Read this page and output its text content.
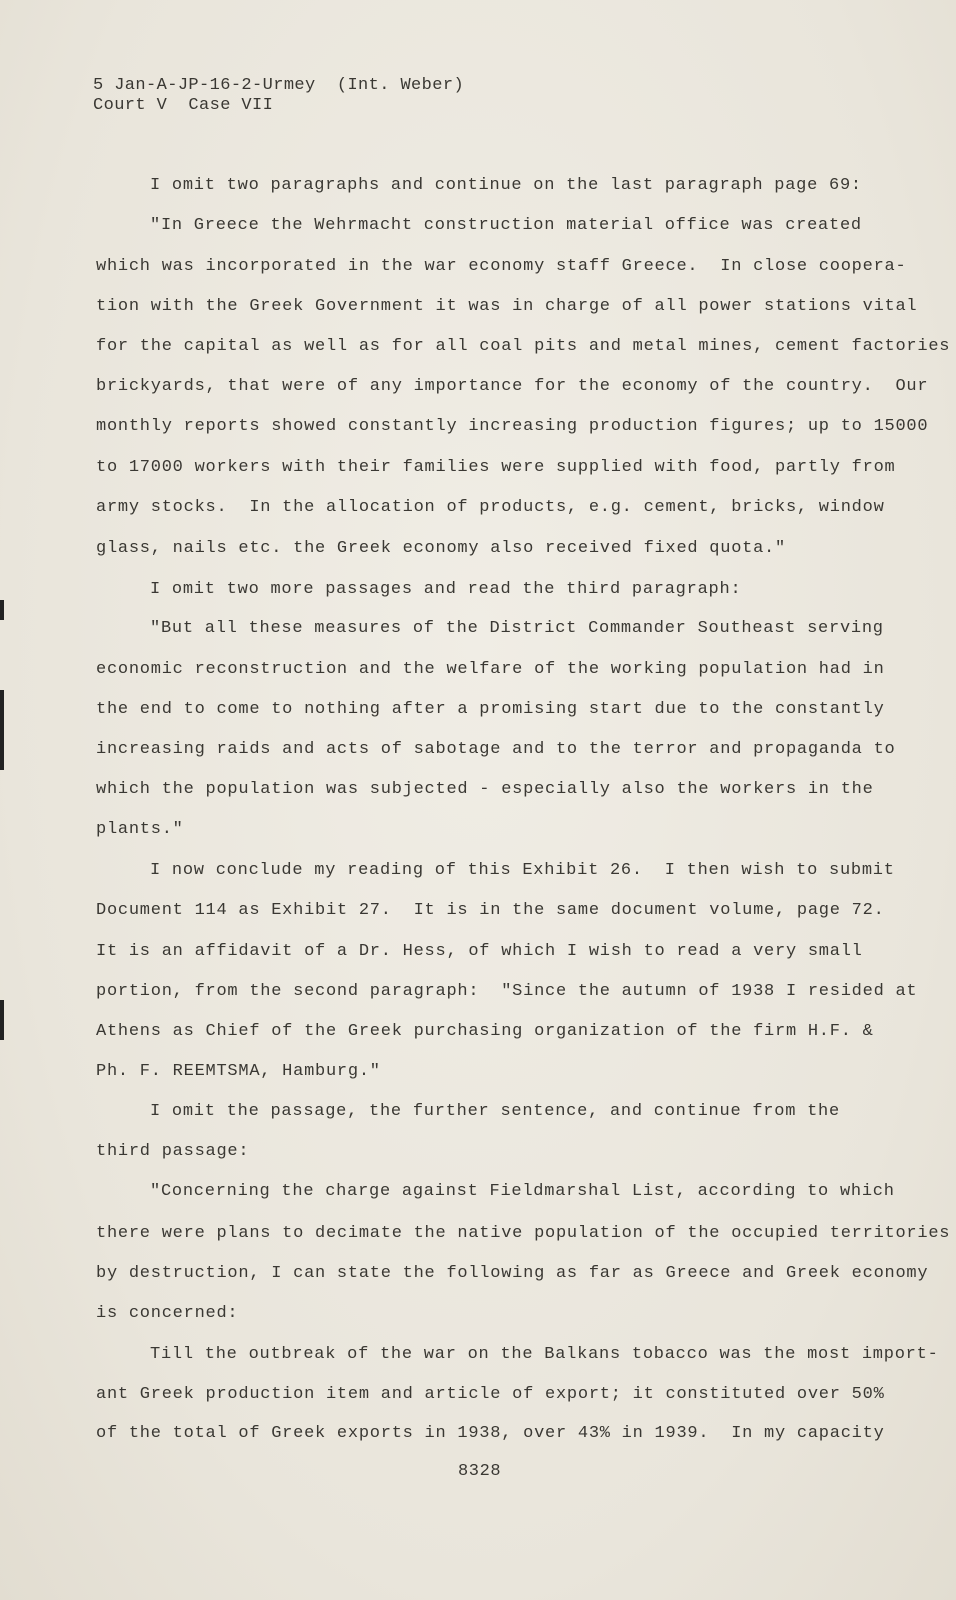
5 Jan-A-JP-16-2-Urmey  (Int. Weber)
Court V  Case VII
I omit two paragraphs and continue on the last paragraph page 69:
"In Greece the Wehrmacht construction material office was created
which was incorporated in the war economy staff Greece.  In close coopera-
tion with the Greek Government it was in charge of all power stations vital
for the capital as well as for all coal pits and metal mines, cement factories
brickyards, that were of any importance for the economy of the country.  Our
monthly reports showed constantly increasing production figures; up to 15000
to 17000 workers with their families were supplied with food, partly from
army stocks.  In the allocation of products, e.g. cement, bricks, window
glass, nails etc. the Greek economy also received fixed quota."
I omit two more passages and read the third paragraph:
"But all these measures of the District Commander Southeast serving
economic reconstruction and the welfare of the working population had in
the end to come to nothing after a promising start due to the constantly
increasing raids and acts of sabotage and to the terror and propaganda to
which the population was subjected - especially also the workers in the
plants."
I now conclude my reading of this Exhibit 26.  I then wish to submit
Document 114 as Exhibit 27.  It is in the same document volume, page 72.
It is an affidavit of a Dr. Hess, of which I wish to read a very small
portion, from the second paragraph:  "Since the autumn of 1938 I resided at
Athens as Chief of the Greek purchasing organization of the firm H.F. &
Ph. F. REEMTSMA, Hamburg."
I omit the passage, the further sentence, and continue from the
third passage:
"Concerning the charge against Fieldmarshal List, according to which
there were plans to decimate the native population of the occupied territories
by destruction, I can state the following as far as Greece and Greek economy
is concerned:
Till the outbreak of the war on the Balkans tobacco was the most import-
ant Greek production item and article of export; it constituted over 50%
of the total of Greek exports in 1938, over 43% in 1939.  In my capacity
8328
